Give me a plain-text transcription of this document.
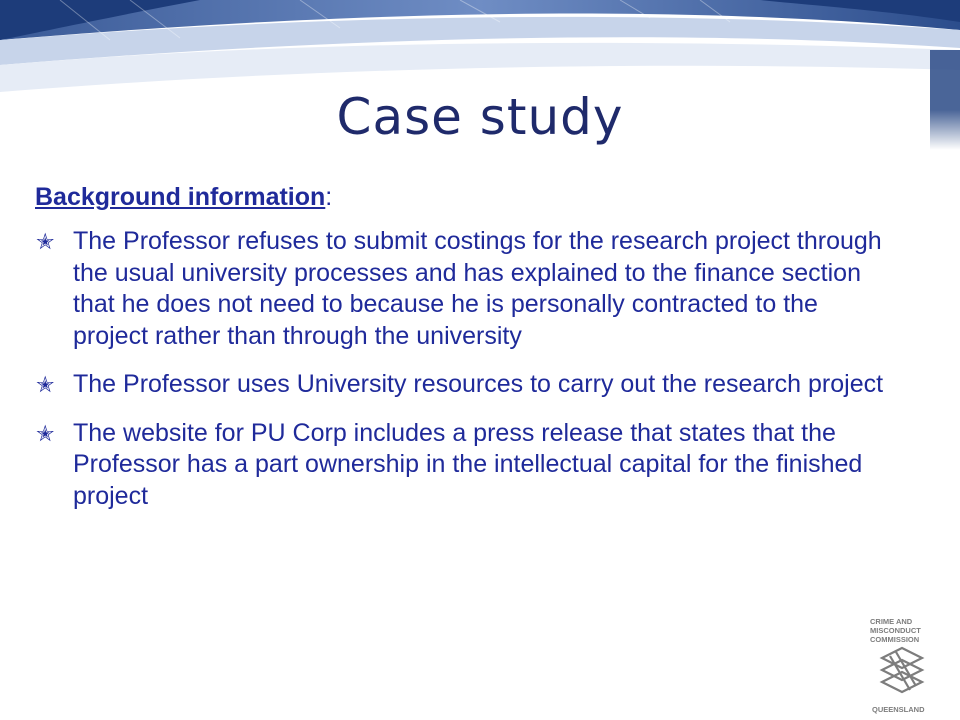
Case study
Background information:
✭ The Professor refuses to submit costings for the research project through the usual university processes and has explained to the finance section that he does not need to because he is personally contracted to the project rather than through the university
✭ The Professor uses University resources to carry out the research project
✭ The website for PU Corp includes a press release that states that the Professor has a part ownership in the intellectual capital for the finished project
CRIME AND
MISCONDUCT
COMMISSION
QUEENSLAND
